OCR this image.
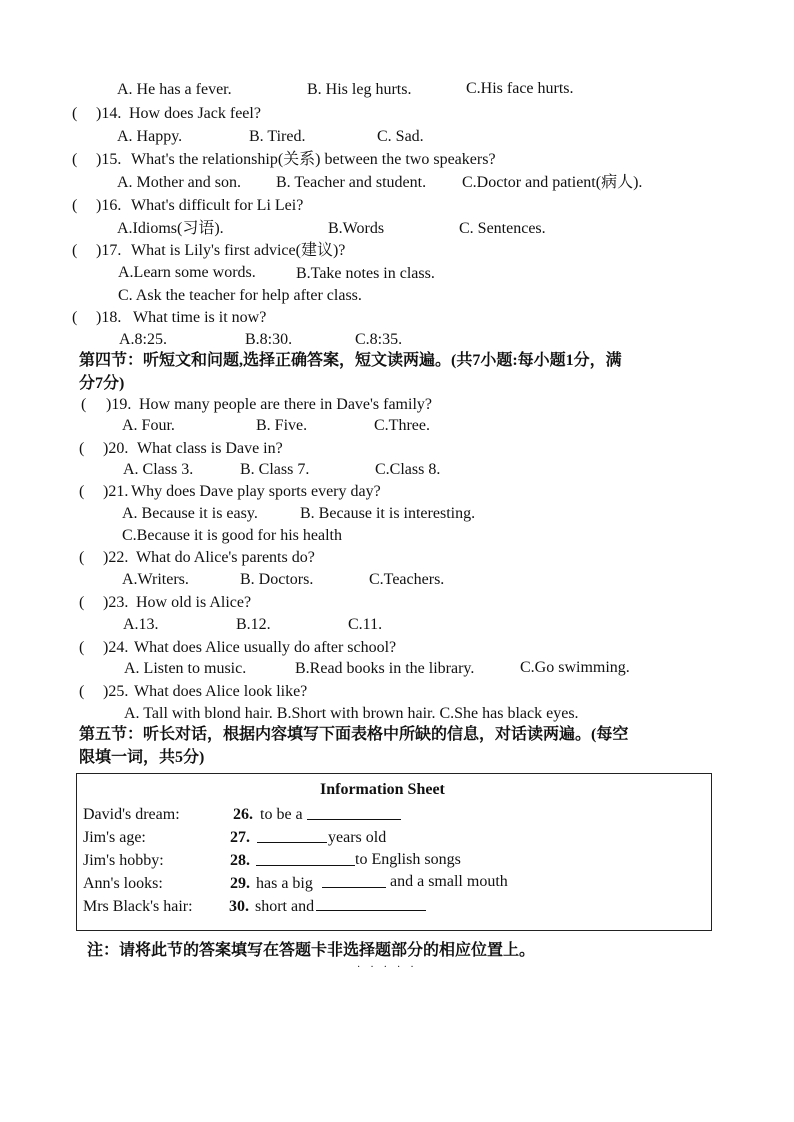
A. He has a fever.	B. His leg hurts.	C.His face hurts.
( )14. How does Jack feel?
A. Happy.	B. Tired.	C. Sad.
( )15. What's the relationship(关系) between the two speakers?
A. Mother and son. B. Teacher and student. C.Doctor and patient(病人).
( )16. What's difficult for Li Lei?
A.Idioms(习语).	B.Words	C. Sentences.
( )17. What is Lily's first advice(建议)?
A.Learn some words.	B.Take notes in class.
C. Ask the teacher for help after class.
( )18. What time is it now?
A.8:25.	B.8:30.	C.8:35.
第四节：听短文和问题,选择正确答案，短文读两遍。(共7小题:每小题1分，满
分7分)
( )19. How many people are there in Dave's family?
A. Four.	B. Five.	C.Three.
( )20. What class is Dave in?
A. Class 3.	B. Class 7.	C.Class 8.
( )21. Why does Dave play sports every day?
A. Because it is easy.	B. Because it is interesting.
C.Because it is good for his health
( )22. What do Alice's parents do?
A.Writers.	B. Doctors.	C.Teachers.
( )23. How old is Alice?
A.13.	B.12.	C.11.
( )24. What does Alice usually do after school?
A. Listen to music.	B.Read books in the library.	C.Go swimming.
( )25. What does Alice look like?
A. Tall with blond hair. B.Short with brown hair. C.She has black eyes.
第五节：听长对话，根据内容填写下面表格中所缺的信息，对话读两遍。(每空
限填一词，共5分)
Information Sheet
David's dream:	26. to be a
Jim's age:	27.	years old
Jim's hobby:	28.	to English songs
Ann's looks:	29. has a big	and a small mouth
Mrs Black's hair: 30. short and
注：请将此节的答案填写在答题卡非选择题部分的相应位置上。
·····
